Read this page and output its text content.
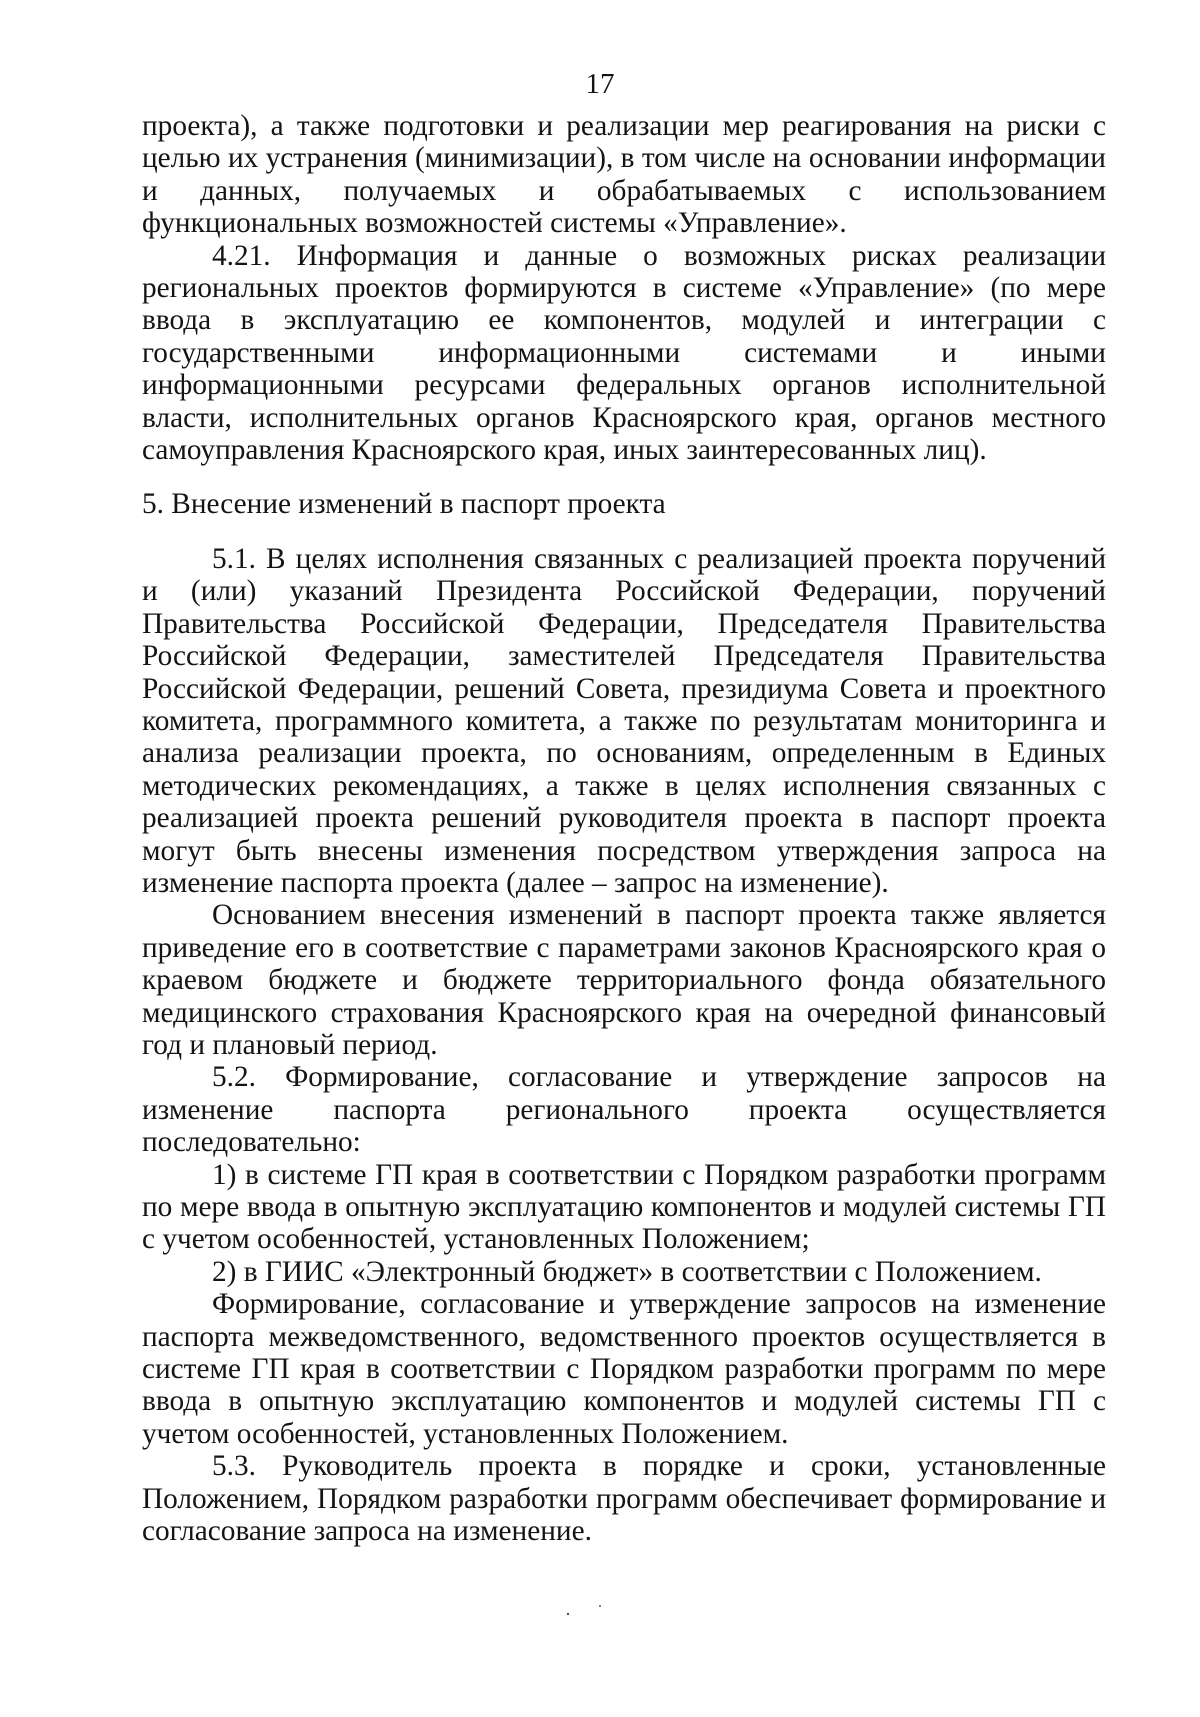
17

проекта), а также подготовки и реализации мер реагирования на риски с целью их устранения (минимизации), в том числе на основании информации и данных, получаемых и обрабатываемых с использованием функциональных возможностей системы «Управление».

4.21. Информация и данные о возможных рисках реализации региональных проектов формируются в системе «Управление» (по мере ввода в эксплуатацию ее компонентов, модулей и интеграции с государственными информационными системами и иными информационными ресурсами федеральных органов исполнительной власти, исполнительных органов Красноярского края, органов местного самоуправления Красноярского края, иных заинтересованных лиц).

5. Внесение изменений в паспорт проекта

5.1. В целях исполнения связанных с реализацией проекта поручений и (или) указаний Президента Российской Федерации, поручений Правительства Российской Федерации, Председателя Правительства Российской Федерации, заместителей Председателя Правительства Российской Федерации, решений Совета, президиума Совета и проектного комитета, программного комитета, а также по результатам мониторинга и анализа реализации проекта, по основаниям, определенным в Единых методических рекомендациях, а также в целях исполнения связанных с реализацией проекта решений руководителя проекта в паспорт проекта могут быть внесены изменения посредством утверждения запроса на изменение паспорта проекта (далее – запрос на изменение).

Основанием внесения изменений в паспорт проекта также является приведение его в соответствие с параметрами законов Красноярского края о краевом бюджете и бюджете территориального фонда обязательного медицинского страхования Красноярского края на очередной финансовый год и плановый период.

5.2. Формирование, согласование и утверждение запросов на изменение паспорта регионального проекта осуществляется последовательно:

1) в системе ГП края в соответствии с Порядком разработки программ по мере ввода в опытную эксплуатацию компонентов и модулей системы ГП с учетом особенностей, установленных Положением;

2) в ГИИС «Электронный бюджет» в соответствии с Положением.

Формирование, согласование и утверждение запросов на изменение паспорта межведомственного, ведомственного проектов осуществляется в системе ГП края в соответствии с Порядком разработки программ по мере ввода в опытную эксплуатацию компонентов и модулей системы ГП с учетом особенностей, установленных Положением.

5.3. Руководитель проекта в порядке и сроки, установленные Положением, Порядком разработки программ обеспечивает формирование и согласование запроса на изменение.
